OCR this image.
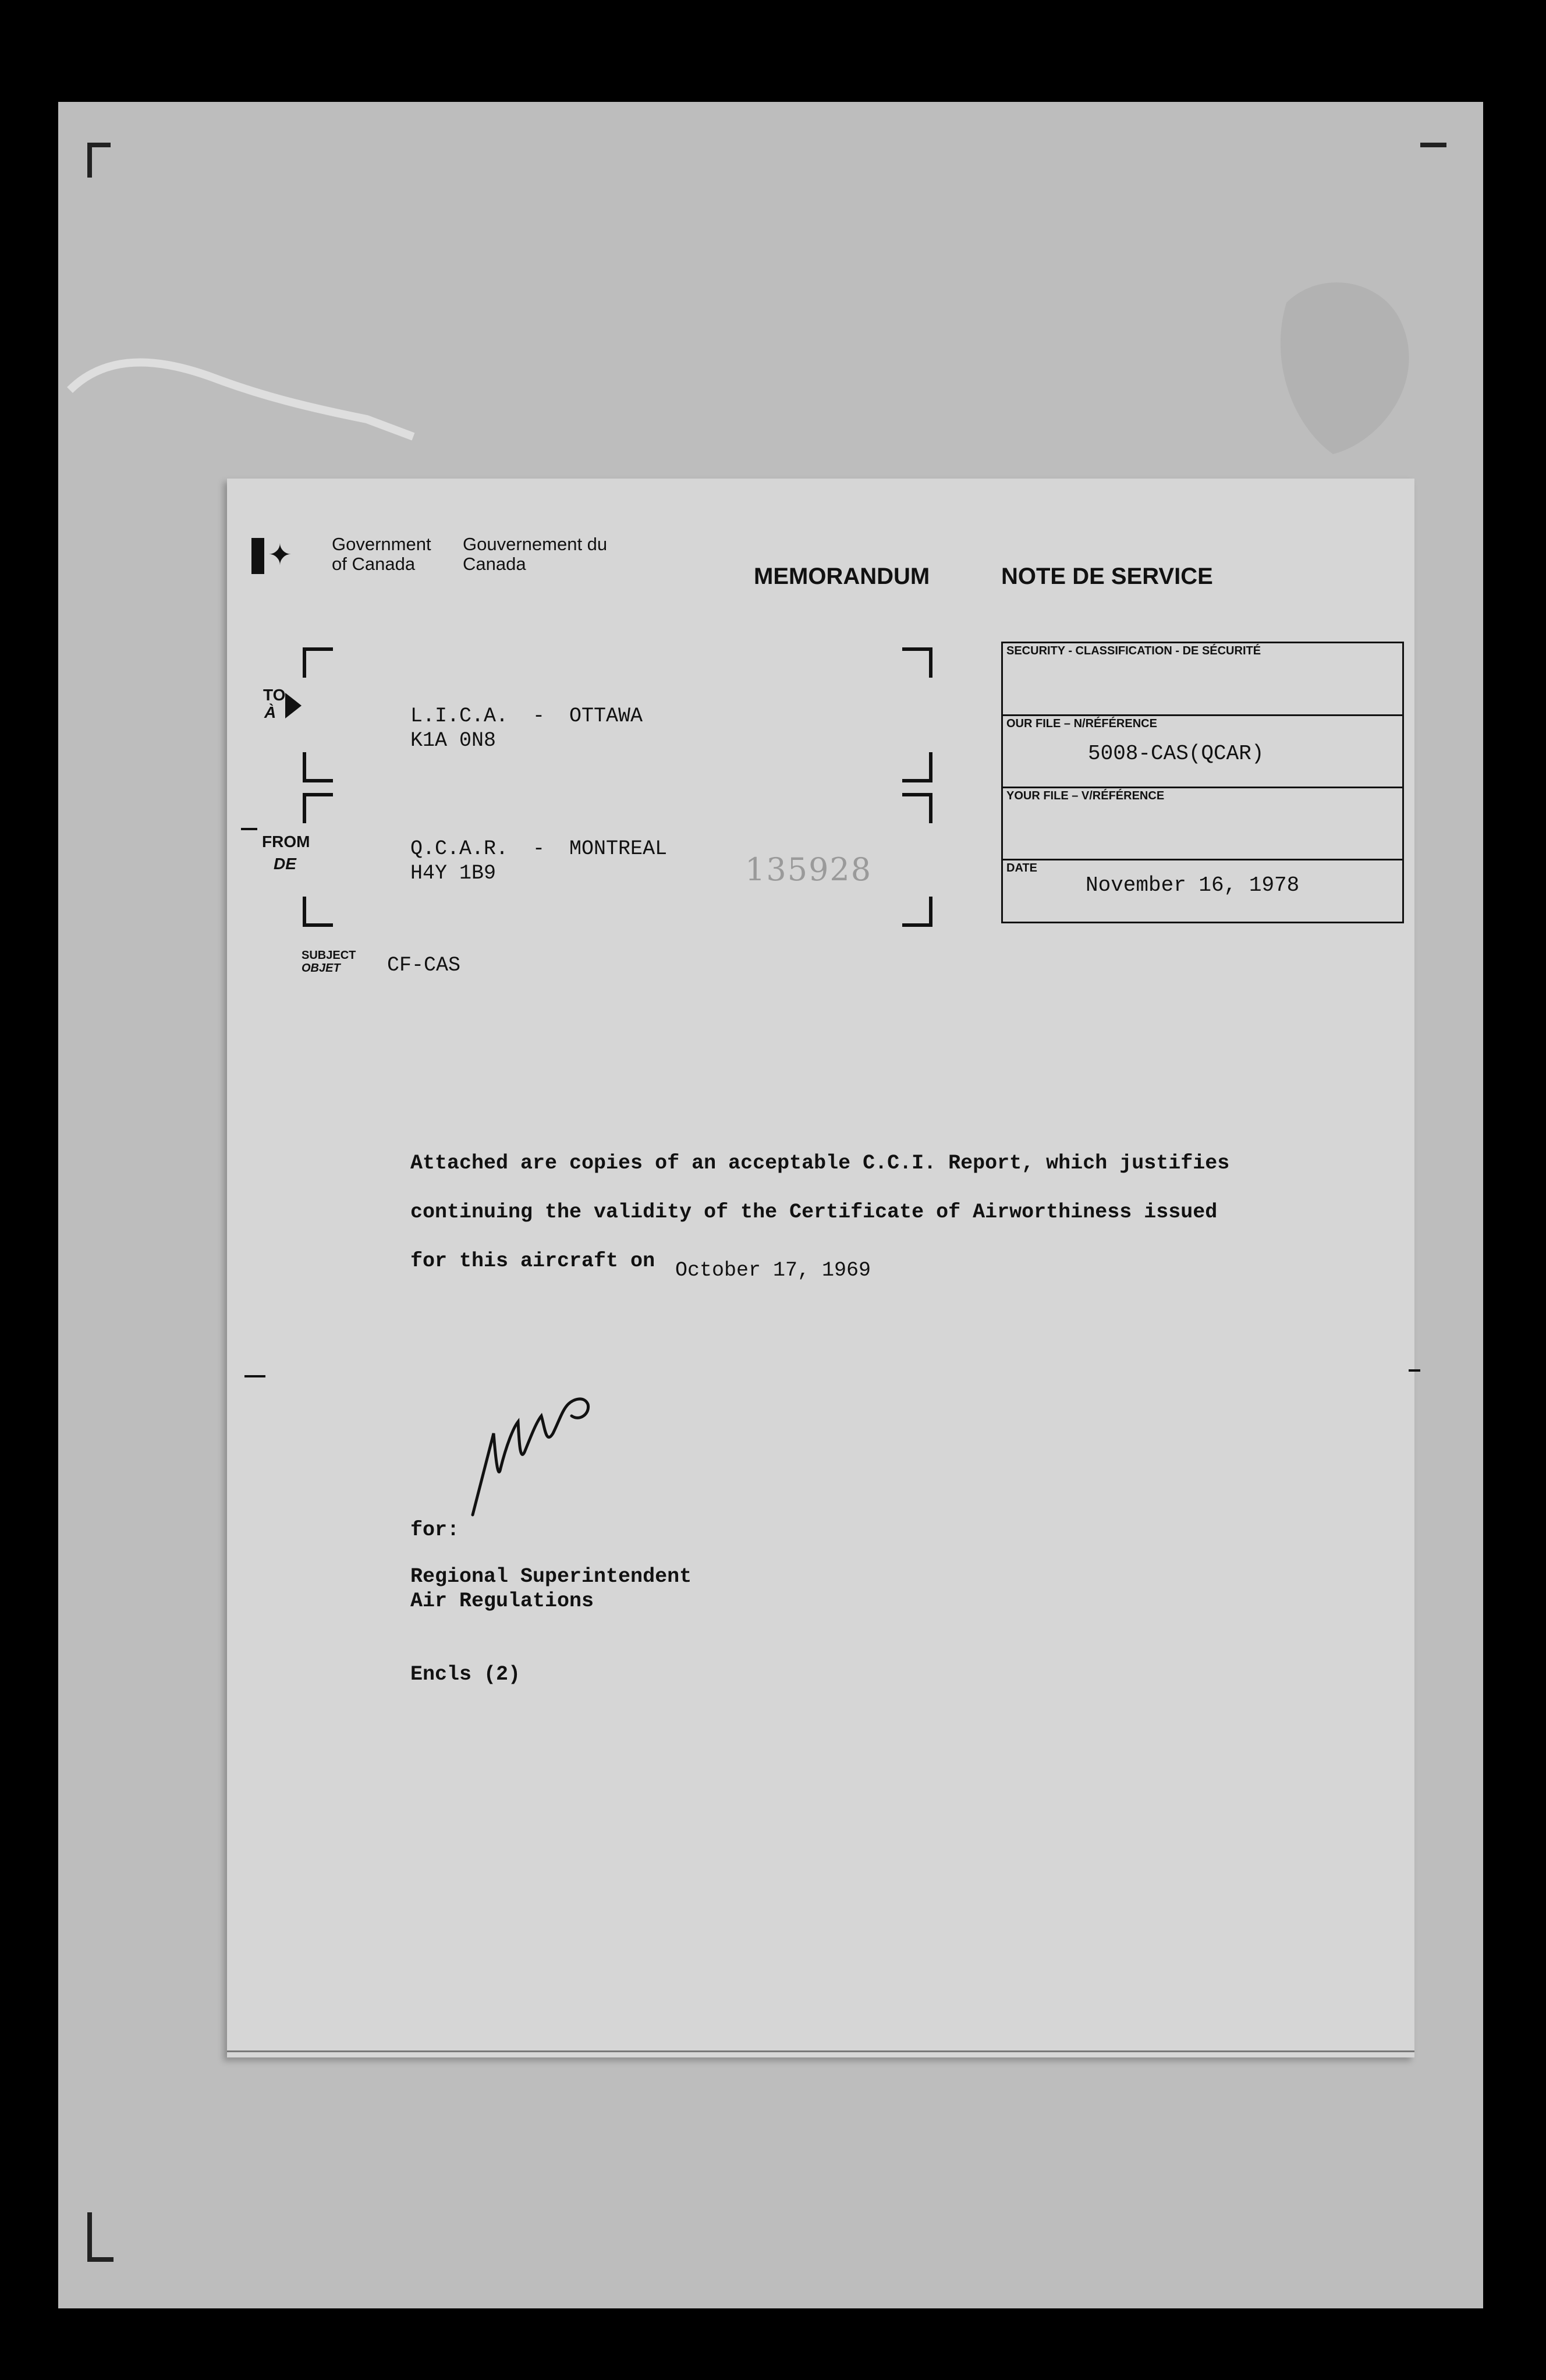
✦ Government of Canada
Gouvernement du Canada	MEMORANDUM	NOTE DE SERVICE
TO
À	L.I.C.A.  -  OTTAWA
K1A 0N8
FROM
DE
Q.C.A.R.  -  MONTREAL
H4Y 1B9	135928
SECURITY - CLASSIFICATION - DE SÉCURITÉ
OUR FILE – N/RÉFÉRENCE
5008-CAS(QCAR)
YOUR FILE – V/RÉFÉRENCE
DATE
November 16, 1978
SUBJECT
OBJET CF-CAS
Attached are copies of an acceptable C.C.I. Report, which justifies
continuing the validity of the Certificate of Airworthiness issued
for this aircraft on October 17, 1969
for:
Regional Superintendent
Air Regulations
Encls (2)
